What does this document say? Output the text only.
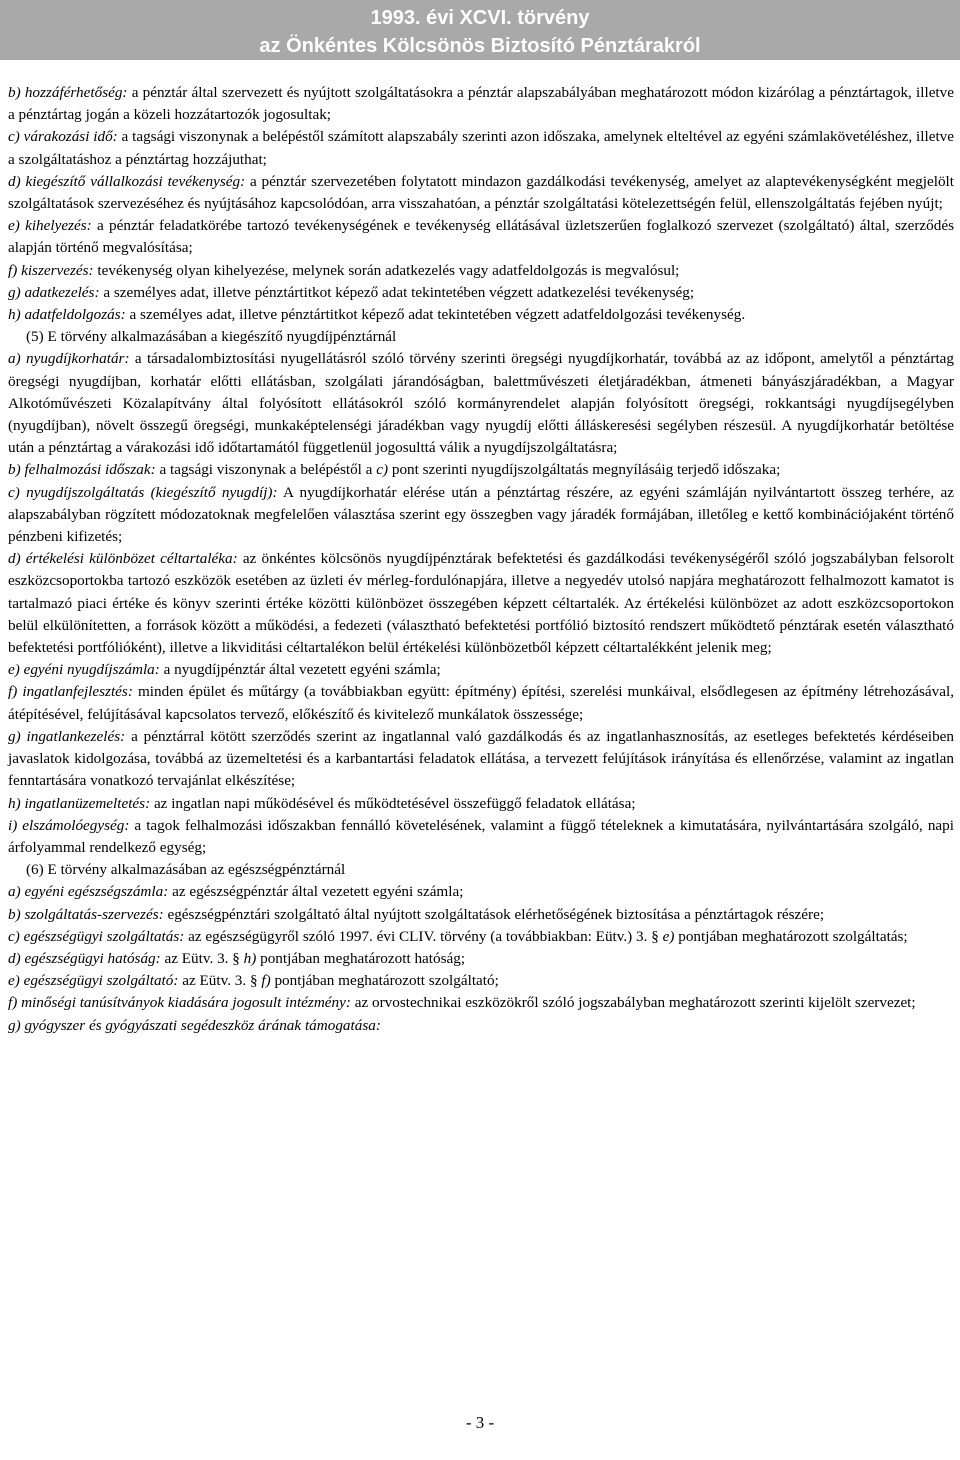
1993. évi XCVI. törvény
az Önkéntes Kölcsönös Biztosító Pénztárakról

b) hozzáférhetőség: a pénztár által szervezett és nyújtott szolgáltatásokra a pénztár alapszabályában meghatározott módon kizárólag a pénztártagok, illetve a pénztártag jogán a közeli hozzátartozók jogosultak;

c) várakozási idő: a tagsági viszonynak a belépéstől számított alapszabály szerinti azon időszaka, amelynek elteltével az egyéni számlakövetéléshez, illetve a szolgáltatáshoz a pénztártag hozzájuthat;

d) kiegészítő vállalkozási tevékenység: a pénztár szervezetében folytatott mindazon gazdálkodási tevékenység, amelyet az alaptevékenységként megjelölt szolgáltatások szervezéséhez és nyújtásához kapcsolódóan, arra visszahatóan, a pénztár szolgáltatási kötelezettségén felül, ellenszolgáltatás fejében nyújt;

e) kihelyezés: a pénztár feladatkörébe tartozó tevékenységének e tevékenység ellátásával üzletszerűen foglalkozó szervezet (szolgáltató) által, szerződés alapján történő megvalósítása;

f) kiszervezés: tevékenység olyan kihelyezése, melynek során adatkezelés vagy adatfeldolgozás is megvalósul;

g) adatkezelés: a személyes adat, illetve pénztártitkot képező adat tekintetében végzett adatkezelési tevékenység;

h) adatfeldolgozás: a személyes adat, illetve pénztártitkot képező adat tekintetében végzett adatfeldolgozási tevékenység.

(5) E törvény alkalmazásában a kiegészítő nyugdíjpénztárnál

a) nyugdíjkorhatár: a társadalombiztosítási nyugellátásról szóló törvény szerinti öregségi nyugdíjkorhatár, továbbá az az időpont, amelytől a pénztártag öregségi nyugdíjban, korhatár előtti ellátásban, szolgálati járandóságban, balettművészeti életjáradékban, átmeneti bányászjáradékban, a Magyar Alkotóművészeti Közalapítvány által folyósított ellátásokról szóló kormányrendelet alapján folyósított öregségi, rokkantsági nyugdíjsegélyben (nyugdíjban), növelt összegű öregségi, munkaképtelenségi járadékban vagy nyugdíj előtti álláskeresési segélyben részesül. A nyugdíjkorhatár betöltése után a pénztártag a várakozási idő időtartamától függetlenül jogosulttá válik a nyugdíjszolgáltatásra;

b) felhalmozási időszak: a tagsági viszonynak a belépéstől a c) pont szerinti nyugdíjszolgáltatás megnyílásáig terjedő időszaka;

c) nyugdíjszolgáltatás (kiegészítő nyugdíj): A nyugdíjkorhatár elérése után a pénztártag részére, az egyéni számláján nyilvántartott összeg terhére, az alapszabályban rögzített módozatoknak megfelelően választása szerint egy összegben vagy járadék formájában, illetőleg e kettő kombinációjaként történő pénzbeni kifizetés;

d) értékelési különbözet céltartaléka: az önkéntes kölcsönös nyugdíjpénztárak befektetési és gazdálkodási tevékenységéről szóló jogszabályban felsorolt eszközcsoportokba tartozó eszközök esetében az üzleti év mérleg-fordulónapjára, illetve a negyedév utolsó napjára meghatározott felhalmozott kamatot is tartalmazó piaci értéke és könyv szerinti értéke közötti különbözet összegében képzett céltartalék. Az értékelési különbözet az adott eszközcsoportokon belül elkülönítetten, a források között a működési, a fedezeti (választható befektetési portfólió biztosító rendszert működtető pénztárak esetén választható befektetési portfólióként), illetve a likviditási céltartalékon belül értékelési különbözetből képzett céltartalékként jelenik meg;

e) egyéni nyugdíjszámla: a nyugdíjpénztár által vezetett egyéni számla;

f) ingatlanfejlesztés: minden épület és műtárgy (a továbbiakban együtt: építmény) építési, szerelési munkáival, elsődlegesen az építmény létrehozásával, átépítésével, felújításával kapcsolatos tervező, előkészítő és kivitelező munkálatok összessége;

g) ingatlankezelés: a pénztárral kötött szerződés szerint az ingatlannal való gazdálkodás és az ingatlanhasznosítás, az esetleges befektetés kérdéseiben javaslatok kidolgozása, továbbá az üzemeltetési és a karbantartási feladatok ellátása, a tervezett felújítások irányítása és ellenőrzése, valamint az ingatlan fenntartására vonatkozó tervajánlat elkészítése;

h) ingatlanüzemeltetés: az ingatlan napi működésével és működtetésével összefüggő feladatok ellátása;

i) elszámolóegység: a tagok felhalmozási időszakban fennálló követelésének, valamint a függő tételeknek a kimutatására, nyilvántartására szolgáló, napi árfolyammal rendelkező egység;

(6) E törvény alkalmazásában az egészségpénztárnál

a) egyéni egészségszámla: az egészségpénztár által vezetett egyéni számla;

b) szolgáltatás-szervezés: egészségpénztári szolgáltató által nyújtott szolgáltatások elérhetőségének biztosítása a pénztártagok részére;

c) egészségügyi szolgáltatás: az egészségügyről szóló 1997. évi CLIV. törvény (a továbbiakban: Eütv.) 3. § e) pontjában meghatározott szolgáltatás;

d) egészségügyi hatóság: az Eütv. 3. § h) pontjában meghatározott hatóság;

e) egészségügyi szolgáltató: az Eütv. 3. § f) pontjában meghatározott szolgáltató;

f) minőségi tanúsítványok kiadására jogosult intézmény: az orvostechnikai eszközökről szóló jogszabályban meghatározott szerinti kijelölt szervezet;

g) gyógyszer és gyógyászati segédeszköz árának támogatása:

- 3 -
